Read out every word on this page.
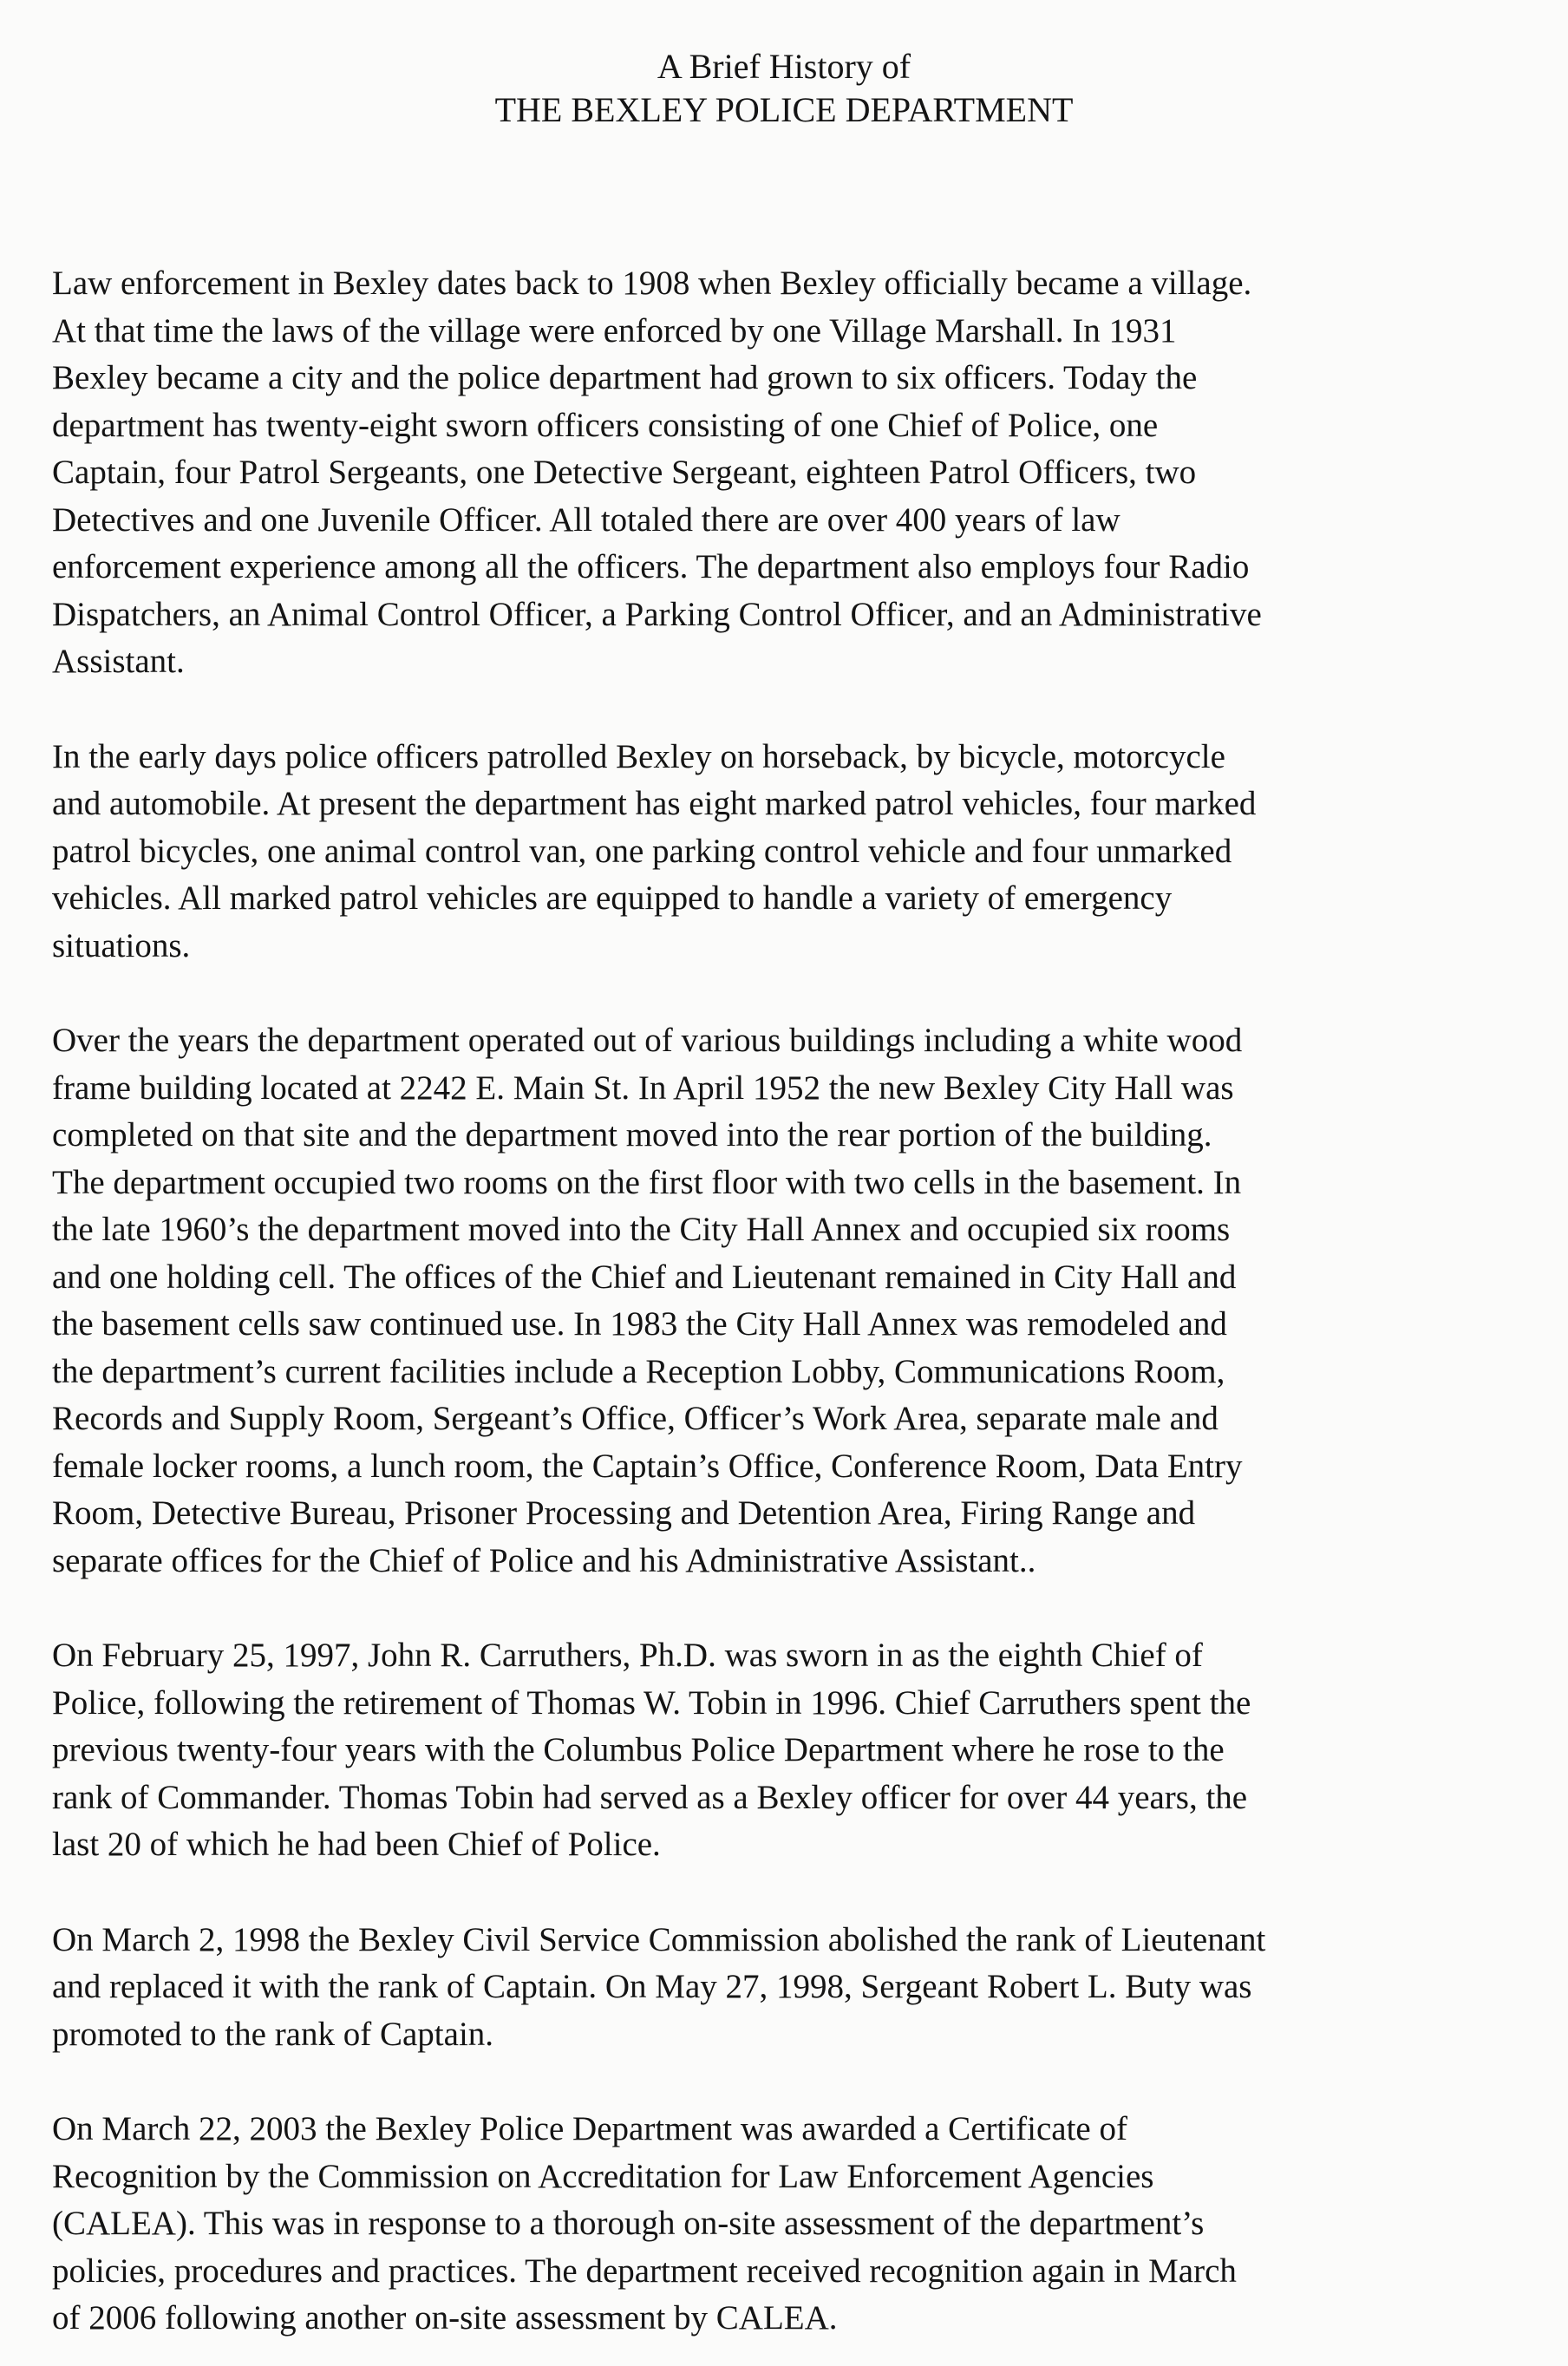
A Brief History of
THE BEXLEY POLICE DEPARTMENT

Law enforcement in Bexley dates back to 1908 when Bexley officially became a village.
At that time the laws of the village were enforced by one Village Marshall. In 1931
Bexley became a city and the police department had grown to six officers. Today the
department has twenty-eight sworn officers consisting of one Chief of Police, one
Captain, four Patrol Sergeants, one Detective Sergeant, eighteen Patrol Officers, two
Detectives and one Juvenile Officer. All totaled there are over 400 years of law
enforcement experience among all the officers. The department also employs four Radio
Dispatchers, an Animal Control Officer, a Parking Control Officer, and an Administrative
Assistant.

In the early days police officers patrolled Bexley on horseback, by bicycle, motorcycle
and automobile. At present the department has eight marked patrol vehicles, four marked
patrol bicycles, one animal control van, one parking control vehicle and four unmarked
vehicles. All marked patrol vehicles are equipped to handle a variety of emergency
situations.

Over the years the department operated out of various buildings including a white wood
frame building located at 2242 E. Main St. In April 1952 the new Bexley City Hall was
completed on that site and the department moved into the rear portion of the building.
The department occupied two rooms on the first floor with two cells in the basement. In
the late 1960’s the department moved into the City Hall Annex and occupied six rooms
and one holding cell. The offices of the Chief and Lieutenant remained in City Hall and
the basement cells saw continued use. In 1983 the City Hall Annex was remodeled and
the department’s current facilities include a Reception Lobby, Communications Room,
Records and Supply Room, Sergeant’s Office, Officer’s Work Area, separate male and
female locker rooms, a lunch room, the Captain’s Office, Conference Room, Data Entry
Room, Detective Bureau, Prisoner Processing and Detention Area, Firing Range and
separate offices for the Chief of Police and his Administrative Assistant..

On February 25, 1997, John R. Carruthers, Ph.D. was sworn in as the eighth Chief of
Police, following the retirement of Thomas W. Tobin in 1996. Chief Carruthers spent the
previous twenty-four years with the Columbus Police Department where he rose to the
rank of Commander. Thomas Tobin had served as a Bexley officer for over 44 years, the
last 20 of which he had been Chief of Police.

On March 2, 1998 the Bexley Civil Service Commission abolished the rank of Lieutenant
and replaced it with the rank of Captain. On May 27, 1998, Sergeant Robert L. Buty was
promoted to the rank of Captain.

On March 22, 2003 the Bexley Police Department was awarded a Certificate of
Recognition by the Commission on Accreditation for Law Enforcement Agencies
(CALEA). This was in response to a thorough on-site assessment of the department’s
policies, procedures and practices. The department received recognition again in March
of 2006 following another on-site assessment by CALEA.
